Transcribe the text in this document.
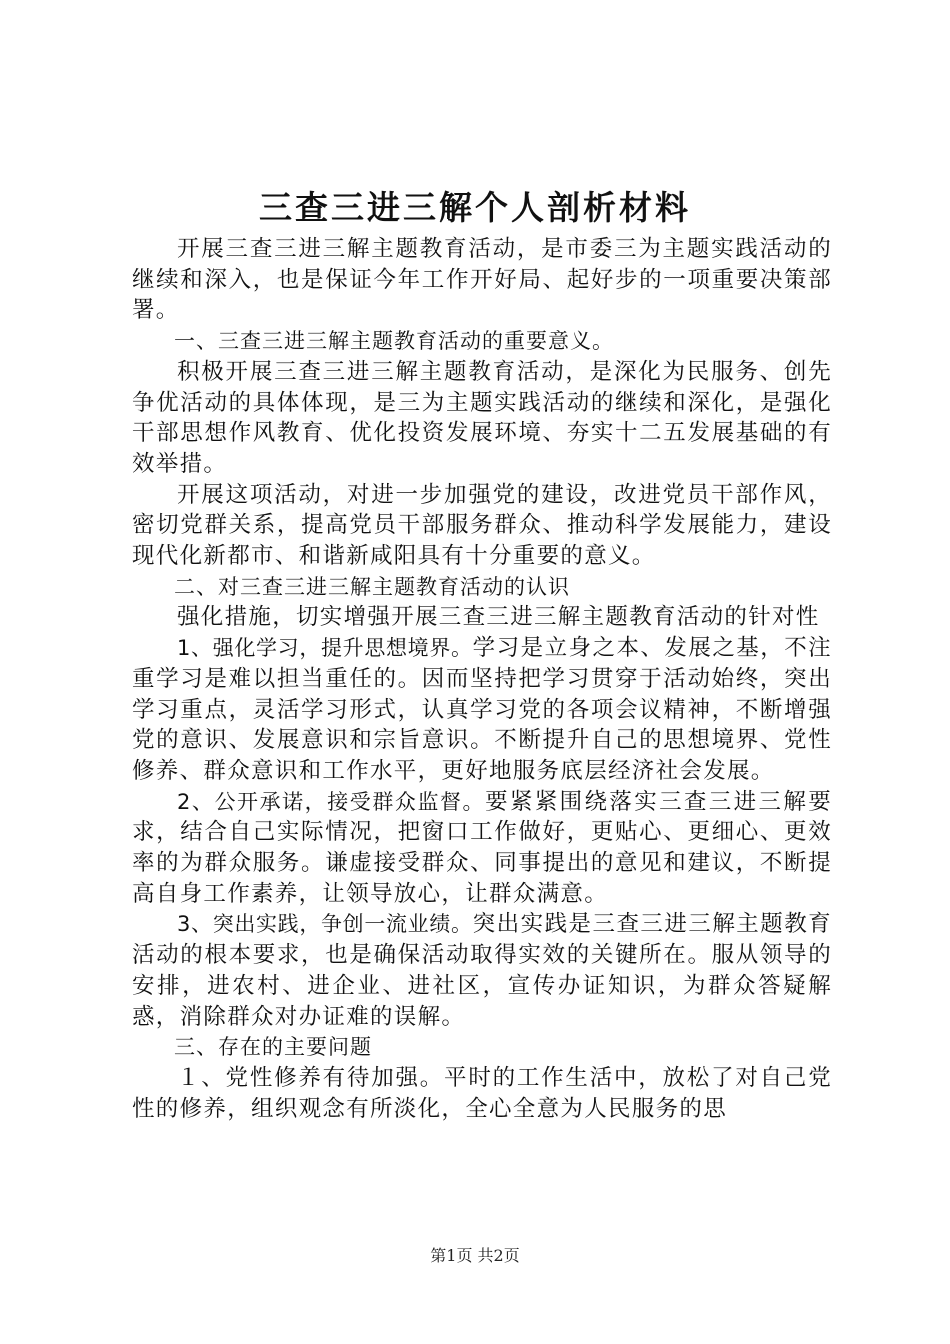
三查三进三解个人剖析材料

开展三查三进三解主题教育活动，是市委三为主题实践活动的继续和深入，也是保证今年工作开好局、起好步的一项重要决策部署。

一、三查三进三解主题教育活动的重要意义。

积极开展三查三进三解主题教育活动，是深化为民服务、创先争优活动的具体体现，是三为主题实践活动的继续和深化，是强化干部思想作风教育、优化投资发展环境、夯实十二五发展基础的有效举措。

开展这项活动，对进一步加强党的建设，改进党员干部作风，密切党群关系，提高党员干部服务群众、推动科学发展能力，建设现代化新都市、和谐新咸阳具有十分重要的意义。

二、对三查三进三解主题教育活动的认识

强化措施，切实增强开展三查三进三解主题教育活动的针对性

1、强化学习，提升思想境界。学习是立身之本、发展之基，不注重学习是难以担当重任的。因而坚持把学习贯穿于活动始终，突出学习重点，灵活学习形式，认真学习党的各项会议精神，不断增强党的意识、发展意识和宗旨意识。不断提升自己的思想境界、党性修养、群众意识和工作水平，更好地服务底层经济社会发展。

2、公开承诺，接受群众监督。要紧紧围绕落实三查三进三解要求，结合自己实际情况，把窗口工作做好，更贴心、更细心、更效率的为群众服务。谦虚接受群众、同事提出的意见和建议，不断提高自身工作素养，让领导放心，让群众满意。

3、突出实践，争创一流业绩。突出实践是三查三进三解主题教育活动的根本要求，也是确保活动取得实效的关键所在。服从领导的安排，进农村、进企业、进社区，宣传办证知识，为群众答疑解惑，消除群众对办证难的误解。

三、存在的主要问题

１、党性修养有待加强。平时的工作生活中，放松了对自己党性的修养，组织观念有所淡化，全心全意为人民服务的思

第1页 共2页
